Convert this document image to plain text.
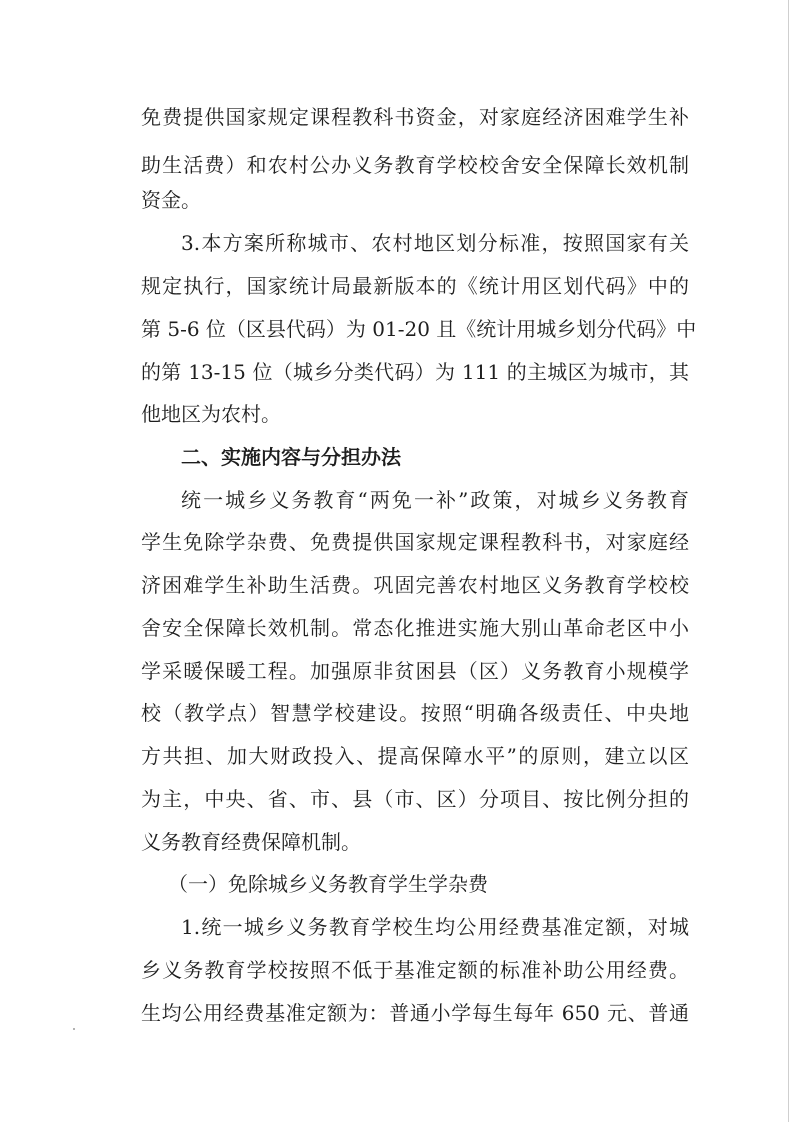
免费提供国家规定课程教科书资金，对家庭经济困难学生补

助生活费）和农村公办义务教育学校校舍安全保障长效机制

资金。

3.本方案所称城市、农村地区划分标准，按照国家有关

规定执行，国家统计局最新版本的《统计用区划代码》中的

第 5-6 位（区县代码）为 01-20 且《统计用城乡划分代码》中

的第 13-15 位（城乡分类代码）为 111 的主城区为城市，其

他地区为农村。

二、实施内容与分担办法

统一城乡义务教育“两免一补”政策，对城乡义务教育

学生免除学杂费、免费提供国家规定课程教科书，对家庭经

济困难学生补助生活费。巩固完善农村地区义务教育学校校

舍安全保障长效机制。常态化推进实施大别山革命老区中小

学采暖保暖工程。加强原非贫困县（区）义务教育小规模学

校（教学点）智慧学校建设。按照“明确各级责任、中央地

方共担、加大财政投入、提高保障水平”的原则，建立以区

为主，中央、省、市、县（市、区）分项目、按比例分担的

义务教育经费保障机制。

（一）免除城乡义务教育学生学杂费

1.统一城乡义务教育学校生均公用经费基准定额，对城

乡义务教育学校按照不低于基准定额的标准补助公用经费。

生均公用经费基准定额为：普通小学每生每年 650 元、普通
